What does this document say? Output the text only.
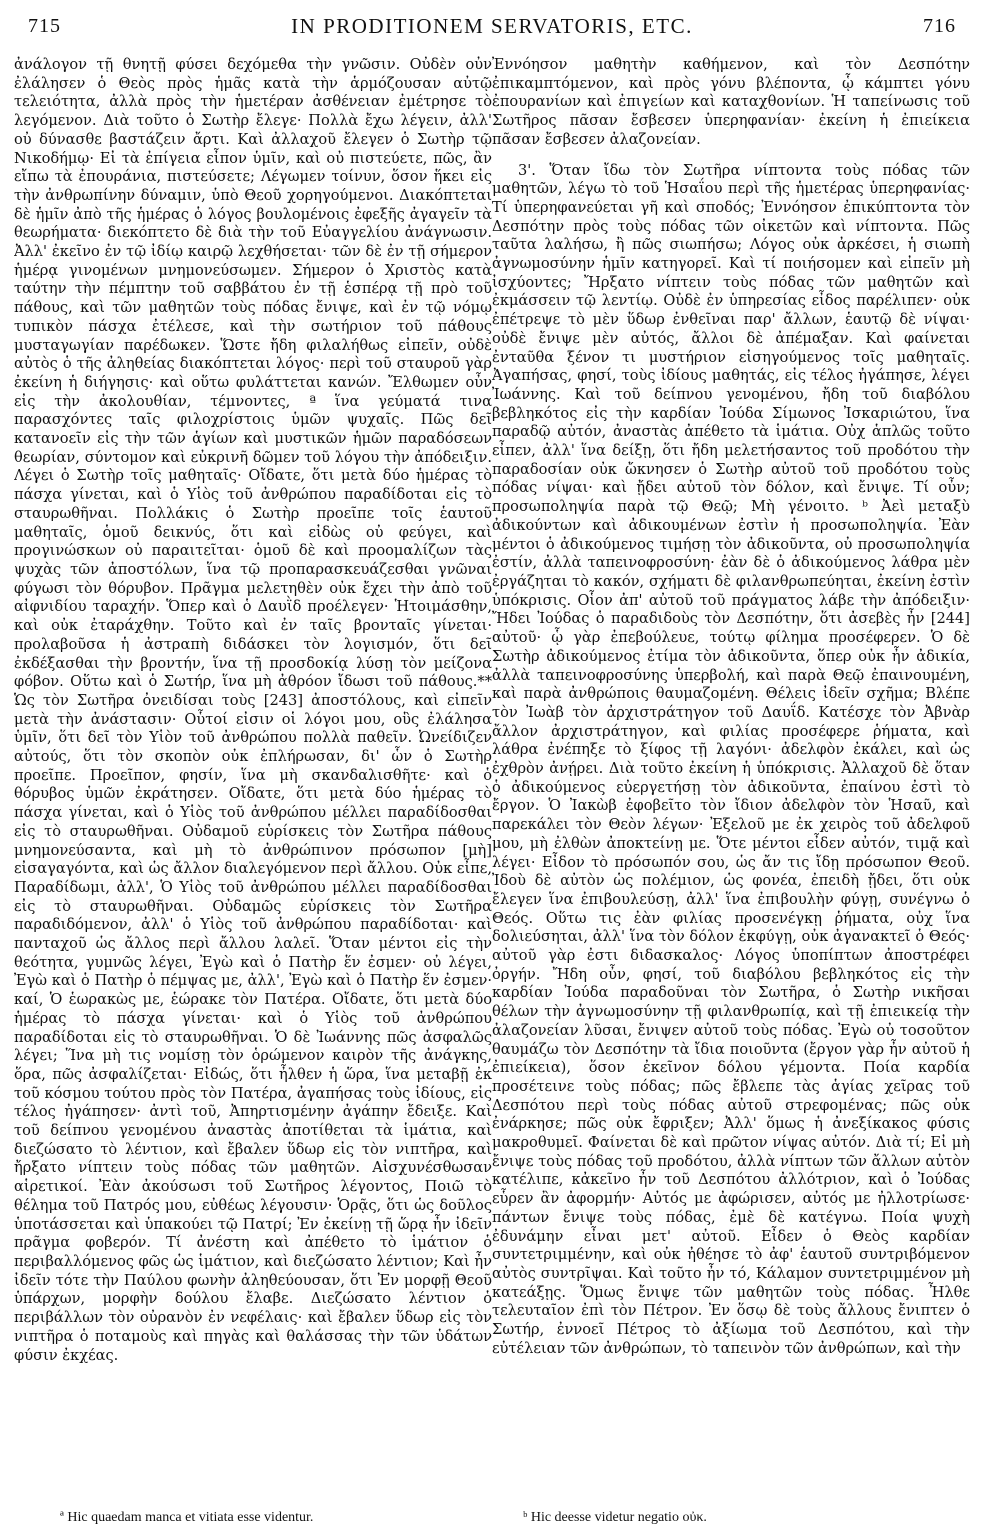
715	IN PRODITIONEM SERVATORIS, ETC.	716

ἀνάλογον τῇ θνητῇ φύσει δεχόμεθα τὴν γνῶσιν. Οὐδὲν οὖν ἐλάλησεν ὁ Θεὸς πρὸς ἡμᾶς κατὰ τὴν ἁρμόζουσαν αὐτῷ τελειότητα, ἀλλὰ πρὸς τὴν ἡμετέραν ἀσθένειαν ἐμέτρησε τὸ λεγόμενον. Διὰ τοῦτο ὁ Σωτὴρ ἔλεγε· Πολλὰ ἔχω λέγειν, ἀλλ' οὐ δύνασθε βαστάζειν ἄρτι. Καὶ ἀλλαχοῦ ἔλεγεν ὁ Σωτὴρ τῷ Νικοδήμῳ· Εἰ τὰ ἐπίγεια εἶπον ὑμῖν, καὶ οὐ πιστεύετε, πῶς, ἂν εἴπω τὰ ἐπουράνια, πιστεύσετε; Λέγωμεν τοίνυν, ὅσον ἥκει εἰς τὴν ἀνθρωπίνην δύναμιν, ὑπὸ Θεοῦ χορηγούμενοι. Διακόπτεται δὲ ἡμῖν ἀπὸ τῆς ἡμέρας ὁ λόγος βουλομένοις ἐφεξῆς ἀγαγεῖν τὰ θεωρήματα· διεκόπτετο δὲ διὰ τὴν τοῦ Εὐαγγελίου ἀνάγνωσιν. Ἀλλ' ἐκεῖνο ἐν τῷ ἰδίῳ καιρῷ λεχθήσεται· τῶν δὲ ἐν τῇ σήμερον ἡμέρᾳ γινομένων μνημονεύσωμεν. Σήμερον ὁ Χριστὸς κατὰ ταύτην τὴν πέμπτην τοῦ σαββάτου ἐν τῇ ἑσπέρᾳ τῇ πρὸ τοῦ πάθους, καὶ τῶν μαθητῶν τοὺς πόδας ἔνιψε, καὶ ἐν τῷ νόμῳ τυπικὸν πάσχα ἐτέλεσε, καὶ τὴν σωτήριον τοῦ πάθους μυσταγωγίαν παρέδωκεν. Ὥστε ἤδη φιλαλήθως εἰπεῖν, οὐδὲ αὐτὸς ὁ τῆς ἀληθείας διακόπτεται λόγος· περὶ τοῦ σταυροῦ γὰρ ἐκείνη ἡ διήγησις· καὶ οὕτω φυλάττεται κανών. Ἔλθωμεν οὖν εἰς τὴν ἀκολουθίαν, τέμνοντες, ª ἵνα γεύματά τινα παρασχόντες ταῖς φιλοχρίστοις ὑμῶν ψυχαῖς. Πῶς δεῖ κατανοεῖν εἰς τὴν τῶν ἁγίων καὶ μυστικῶν ἡμῶν παραδόσεων θεωρίαν, σύντομον καὶ εὐκρινῆ δῶμεν τοῦ λόγου τὴν ἀπόδειξιν. Λέγει ὁ Σωτὴρ τοῖς μαθηταῖς· Οἴδατε, ὅτι μετὰ δύο ἡμέρας τὸ πάσχα γίνεται, καὶ ὁ Υἱὸς τοῦ ἀνθρώπου παραδίδοται εἰς τὸ σταυρωθῆναι. Πολλάκις ὁ Σωτὴρ προεῖπε τοῖς ἑαυτοῦ μαθηταῖς, ὁμοῦ δεικνύς, ὅτι καὶ εἰδὼς οὐ φεύγει, καὶ προγινώσκων οὐ παραιτεῖται· ὁμοῦ δὲ καὶ προομαλίζων τὰς ψυχὰς τῶν ἀποστόλων, ἵνα τῷ προπαρασκευάζεσθαι γνῶναι φύγωσι τὸν θόρυβον. Πρᾶγμα μελετηθὲν οὐκ ἔχει τὴν ἀπὸ τοῦ αἰφνιδίου ταραχήν. Ὅπερ καὶ ὁ Δαυῒδ προέλεγεν· Ἡτοιμάσθην, καὶ οὐκ ἐταράχθην. Τοῦτο καὶ ἐν ταῖς βρονταῖς γίνεται· προλαβοῦσα ἡ ἀστραπὴ διδάσκει τὸν λογισμόν, ὅτι δεῖ ἐκδέξασθαι τὴν βροντήν, ἵνα τῇ προσδοκίᾳ λύσῃ τὸν μείζονα φόβον. Οὕτω καὶ ὁ Σωτήρ, ἵνα μὴ ἀθρόον ἴδωσι τοῦ πάθους.** Ὡς τὸν Σωτῆρα ὀνειδίσαι τοὺς [243] ἀποστόλους, καὶ εἰπεῖν μετὰ τὴν ἀνάστασιν· Οὗτοί εἰσιν οἱ λόγοι μου, οὓς ἐλάλησα ὑμῖν, ὅτι δεῖ τὸν Υἱὸν τοῦ ἀνθρώπου πολλὰ παθεῖν. Ὠνείδιζεν αὐτούς, ὅτι τὸν σκοπὸν οὐκ ἐπλήρωσαν, δι' ὧν ὁ Σωτὴρ προεῖπε. Προεῖπον, φησίν, ἵνα μὴ σκανδαλισθῆτε· καὶ ὁ θόρυβος ὑμῶν ἐκράτησεν. Οἴδατε, ὅτι μετὰ δύο ἡμέρας τὸ πάσχα γίνεται, καὶ ὁ Υἱὸς τοῦ ἀνθρώπου μέλλει παραδίδοσθαι εἰς τὸ σταυρωθῆναι. Οὐδαμοῦ εὑρίσκεις τὸν Σωτῆρα πάθους μνημονεύσαντα, καὶ μὴ τὸ ἀνθρώπινον πρόσωπον [μὴ] εἰσαγαγόντα, καὶ ὡς ἄλλον διαλεγόμενον περὶ ἄλλου. Οὐκ εἶπε, Παραδίδωμι, ἀλλ', Ὁ Υἱὸς τοῦ ἀνθρώπου μέλλει παραδίδοσθαι εἰς τὸ σταυρωθῆναι. Οὐδαμῶς εὑρίσκεις τὸν Σωτῆρα παραδιδόμενον, ἀλλ' ὁ Υἱὸς τοῦ ἀνθρώπου παραδίδοται· καὶ πανταχοῦ ὡς ἄλλος περὶ ἄλλου λαλεῖ. Ὅταν μέντοι εἰς τὴν θεότητα, γυμνῶς λέγει, Ἐγὼ καὶ ὁ Πατὴρ ἕν ἐσμεν· οὐ λέγει, Ἐγὼ καὶ ὁ Πατὴρ ὁ πέμψας με, ἀλλ', Ἐγὼ καὶ ὁ Πατὴρ ἕν ἐσμεν· καί, Ὁ ἑωρακὼς με, ἑώρακε τὸν Πατέρα. Οἴδατε, ὅτι μετὰ δύο ἡμέρας τὸ πάσχα γίνεται· καὶ ὁ Υἱὸς τοῦ ἀνθρώπου παραδίδοται εἰς τὸ σταυρωθῆναι. Ὁ δὲ Ἰωάννης πῶς ἀσφαλῶς λέγει; Ἵνα μὴ τις νομίσῃ τὸν ὁρώμενον καιρὸν τῆς ἀνάγκης, ὅρα, πῶς ἀσφαλίζεται· Εἰδώς, ὅτι ἦλθεν ἡ ὥρα, ἵνα μεταβῇ ἐκ τοῦ κόσμου τούτου πρὸς τὸν Πατέρα, ἀγαπήσας τοὺς ἰδίους, εἰς τέλος ἠγάπησεν· ἀντὶ τοῦ, Ἀπηρτισμένην ἀγάπην ἔδειξε. Καὶ τοῦ δείπνου γενομένου ἀναστὰς ἀποτίθεται τὰ ἱμάτια, καὶ διεζώσατο τὸ λέντιον, καὶ ἔβαλεν ὕδωρ εἰς τὸν νιπτῆρα, καὶ ἤρξατο νίπτειν τοὺς πόδας τῶν μαθητῶν. Αἰσχυνέσθωσαν αἱρετικοί. Ἐὰν ἀκούσωσι τοῦ Σωτῆρος λέγοντος, Ποιῶ τὸ θέλημα τοῦ Πατρός μου, εὐθέως λέγουσιν· Ὁρᾷς, ὅτι ὡς δοῦλος ὑποτάσσεται καὶ ὑπακούει τῷ Πατρί; Ἐν ἐκείνῃ τῇ ὥρᾳ ἦν ἰδεῖν πρᾶγμα φοβερόν. Τί ἀνέστη καὶ ἀπέθετο τὸ ἱμάτιον ὁ περιβαλλόμενος φῶς ὡς ἱμάτιον, καὶ διεζώσατο λέντιον; Καὶ ἦν ἰδεῖν τότε τὴν Παύλου φωνὴν ἀληθεύουσαν, ὅτι Ἐν μορφῇ Θεοῦ ὑπάρχων, μορφὴν δούλου ἔλαβε. Διεζώσατο λέντιον ὁ περιβάλλων τὸν οὐρανὸν ἐν νεφέλαις· καὶ ἔβαλεν ὕδωρ εἰς τὸν νιπτῆρα ὁ ποταμοὺς καὶ πηγὰς καὶ θαλάσσας τὴν τῶν ὑδάτων φύσιν ἐκχέας.

Ἐννόησον μαθητὴν καθήμενον, καὶ τὸν Δεσπότην ἐπικαμπτόμενον, καὶ πρὸς γόνυ βλέποντα, ᾧ κάμπτει γόνυ ἐπουρανίων καὶ ἐπιγείων καὶ καταχθονίων. Ἡ ταπείνωσις τοῦ Σωτῆρος πᾶσαν ἔσβεσεν ὑπερηφανίαν· ἐκείνη ἡ ἐπιείκεια πᾶσαν ἔσβεσεν ἀλαζονείαν.

3'. Ὅταν ἴδω τὸν Σωτῆρα νίπτοντα τοὺς πόδας τῶν μαθητῶν, λέγω τὸ τοῦ Ἡσαΐου περὶ τῆς ἡμετέρας ὑπερηφανίας· Τί ὑπερηφανεύεται γῆ καὶ σποδός; Ἐννόησον ἐπικύπτοντα τὸν Δεσπότην πρὸς τοὺς πόδας τῶν οἰκετῶν καὶ νίπτοντα. Πῶς ταῦτα λαλήσω, ἢ πῶς σιωπήσω; Λόγος οὐκ ἀρκέσει, ἡ σιωπὴ ἀγνωμοσύνην ἡμῖν κατηγορεῖ. Καὶ τί ποιήσομεν καὶ εἰπεῖν μὴ ἰσχύοντες; Ἤρξατο νίπτειν τοὺς πόδας τῶν μαθητῶν καὶ ἐκμάσσειν τῷ λεντίῳ. Οὐδὲ ἐν ὑπηρεσίας εἶδος παρέλιπεν· οὐκ ἐπέτρεψε τὸ μὲν ὕδωρ ἐνθεῖναι παρ' ἄλλων, ἑαυτῷ δὲ νίψαι· οὐδὲ ἔνιψε μὲν αὐτός, ἄλλοι δὲ ἀπέμαξαν. Καὶ φαίνεται ἐνταῦθα ξένον τι μυστήριον εἰσηγούμενος τοῖς μαθηταῖς. Ἀγαπήσας, φησί, τοὺς ἰδίους μαθητάς, εἰς τέλος ἠγάπησε, λέγει Ἰωάννης. Καὶ τοῦ δείπνου γενομένου, ἤδη τοῦ διαβόλου βεβληκότος εἰς τὴν καρδίαν Ἰούδα Σίμωνος Ἰσκαριώτου, ἵνα παραδῷ αὐτόν, ἀναστὰς ἀπέθετο τὰ ἱμάτια. Οὐχ ἁπλῶς τοῦτο εἶπεν, ἀλλ' ἵνα δείξῃ, ὅτι ἤδη μελετήσαντος τοῦ προδότου τὴν παραδοσίαν οὐκ ὤκνησεν ὁ Σωτὴρ αὐτοῦ τοῦ προδότου τοὺς πόδας νίψαι· καὶ ᾔδει αὐτοῦ τὸν δόλον, καὶ ἔνιψε. Τί οὖν; προσωποληψία παρὰ τῷ Θεῷ; Μὴ γένοιτο. ᵇ Ἀεὶ μεταξὺ ἀδικούντων καὶ ἀδικουμένων ἐστὶν ἡ προσωποληψία. Ἐὰν μέντοι ὁ ἀδικούμενος τιμήσῃ τὸν ἀδικοῦντα, οὐ προσωποληψία ἐστίν, ἀλλὰ ταπεινοφροσύνη· ἐὰν δὲ ὁ ἀδικούμενος λάθρα μὲν ἐργάζηται τὸ κακόν, σχήματι δὲ φιλανθρωπεύηται, ἐκείνη ἐστὶν ὑπόκρισις. Οἷον ἀπ' αὐτοῦ τοῦ πράγματος λάβε τὴν ἀπόδειξιν· Ἤδει Ἰούδας ὁ παραδιδοὺς τὸν Δεσπότην, ὅτι ἀσεβὲς ἦν [244] αὐτοῦ· ᾧ γὰρ ἐπεβούλευε, τούτῳ φίλημα προσέφερεν. Ὁ δὲ Σωτὴρ ἀδικούμενος ἐτίμα τὸν ἀδικοῦντα, ὅπερ οὐκ ἦν ἀδικία, ἀλλὰ ταπεινοφροσύνης ὑπερβολή, καὶ παρὰ Θεῷ ἐπαινουμένη, καὶ παρὰ ἀνθρώποις θαυμαζομένη. Θέλεις ἰδεῖν σχῆμα; Βλέπε τὸν Ἰωὰβ τὸν ἀρχιστράτηγον τοῦ Δαυΐδ. Κατέσχε τὸν Ἀβνὰρ ἄλλον ἀρχιστράτηγον, καὶ φιλίας προσέφερε ῥήματα, καὶ λάθρα ἐνέπηξε τὸ ξίφος τῇ λαγόνι· ἀδελφὸν ἐκάλει, καὶ ὡς ἐχθρὸν ἀνῄρει. Διὰ τοῦτο ἐκείνη ἡ ὑπόκρισις. Ἀλλαχοῦ δὲ ὅταν ὁ ἀδικούμενος εὐεργετήσῃ τὸν ἀδικοῦντα, ἐπαίνου ἐστὶ τὸ ἔργον. Ὁ Ἰακὼβ ἐφοβεῖτο τὸν ἴδιον ἀδελφὸν τὸν Ἡσαῦ, καὶ παρεκάλει τὸν Θεὸν λέγων· Ἐξελοῦ με ἐκ χειρὸς τοῦ ἀδελφοῦ μου, μὴ ἐλθὼν ἀποκτείνῃ με. Ὅτε μέντοι εἶδεν αὐτόν, τιμᾷ καὶ λέγει· Εἶδον τὸ πρόσωπόν σου, ὡς ἄν τις ἴδῃ πρόσωπον Θεοῦ. Ἰδοὺ δὲ αὐτὸν ὡς πολέμιον, ὡς φονέα, ἐπειδὴ ᾔδει, ὅτι οὐκ ἔλεγεν ἵνα ἐπιβουλεύσῃ, ἀλλ' ἵνα ἐπιβουλὴν φύγῃ, συνέγνω ὁ Θεός. Οὕτω τις ἐὰν φιλίας προσενέγκῃ ῥήματα, οὐχ ἵνα δολιεύσηται, ἀλλ' ἵνα τὸν δόλον ἐκφύγῃ, οὐκ ἀγανακτεῖ ὁ Θεός· αὐτοῦ γὰρ ἐστι διδασκαλος· Λόγος ὑποπίπτων ἀποστρέφει ὀργήν. Ἤδη οὖν, φησί, τοῦ διαβόλου βεβληκότος εἰς τὴν καρδίαν Ἰούδα παραδοῦναι τὸν Σωτῆρα, ὁ Σωτὴρ νικῆσαι θέλων τὴν ἀγνωμοσύνην τῇ φιλανθρωπίᾳ, καὶ τῇ ἐπιεικείᾳ τὴν ἀλαζονείαν λῦσαι, ἔνιψεν αὐτοῦ τοὺς πόδας. Ἐγὼ οὐ τοσοῦτον θαυμάζω τὸν Δεσπότην τὰ ἴδια ποιοῦντα (ἔργον γὰρ ἦν αὐτοῦ ἡ ἐπιείκεια), ὅσον ἐκεῖνον δόλου γέμοντα. Ποία καρδία προσέτεινε τοὺς πόδας; πῶς ἔβλεπε τὰς ἁγίας χεῖρας τοῦ Δεσπότου περὶ τοὺς πόδας αὐτοῦ στρεφομένας; πῶς οὐκ ἐνάρκησε; πῶς οὐκ ἔφριξεν; Ἀλλ' ὅμως ἡ ἀνεξίκακος φύσις μακροθυμεῖ. Φαίνεται δὲ καὶ πρῶτον νίψας αὐτόν. Διὰ τί; Εἰ μὴ ἔνιψε τοὺς πόδας τοῦ προδότου, ἀλλὰ νίπτων τῶν ἄλλων αὐτὸν κατέλιπε, κἀκεῖνο ἦν τοῦ Δεσπότου ἀλλότριον, καὶ ὁ Ἰούδας εὗρεν ἂν ἀφορμήν· Αὐτός με ἀφώρισεν, αὐτός με ἠλλοτρίωσε· πάντων ἔνιψε τοὺς πόδας, ἐμὲ δὲ κατέγνω. Ποία ψυχὴ ἐδυνάμην εἶναι μετ' αὐτοῦ. Εἶδεν ὁ Θεὸς καρδίαν συντετριμμένην, καὶ οὐκ ἠθέησε τὸ ἀφ' ἑαυτοῦ συντριβόμενον αὐτὸς συντρῖψαι. Καὶ τοῦτο ἦν τό, Κάλαμον συντετριμμένον μὴ κατεάξῃς. Ὅμως ἔνιψε τῶν μαθητῶν τοὺς πόδας. Ἦλθε τελευταῖον ἐπὶ τὸν Πέτρον. Ἐν ὅσῳ δὲ τοὺς ἄλλους ἔνιπτεν ὁ Σωτήρ, ἐννοεῖ Πέτρος τὸ ἀξίωμα τοῦ Δεσπότου, καὶ τὴν εὐτέλειαν τῶν ἀνθρώπων, τὸ ταπεινὸν τῶν ἀνθρώπων, καὶ τὴν

ª Hic quaedam manca et vitiata esse videntur.	ᵇ Hic deesse videtur negatio οὐκ.
